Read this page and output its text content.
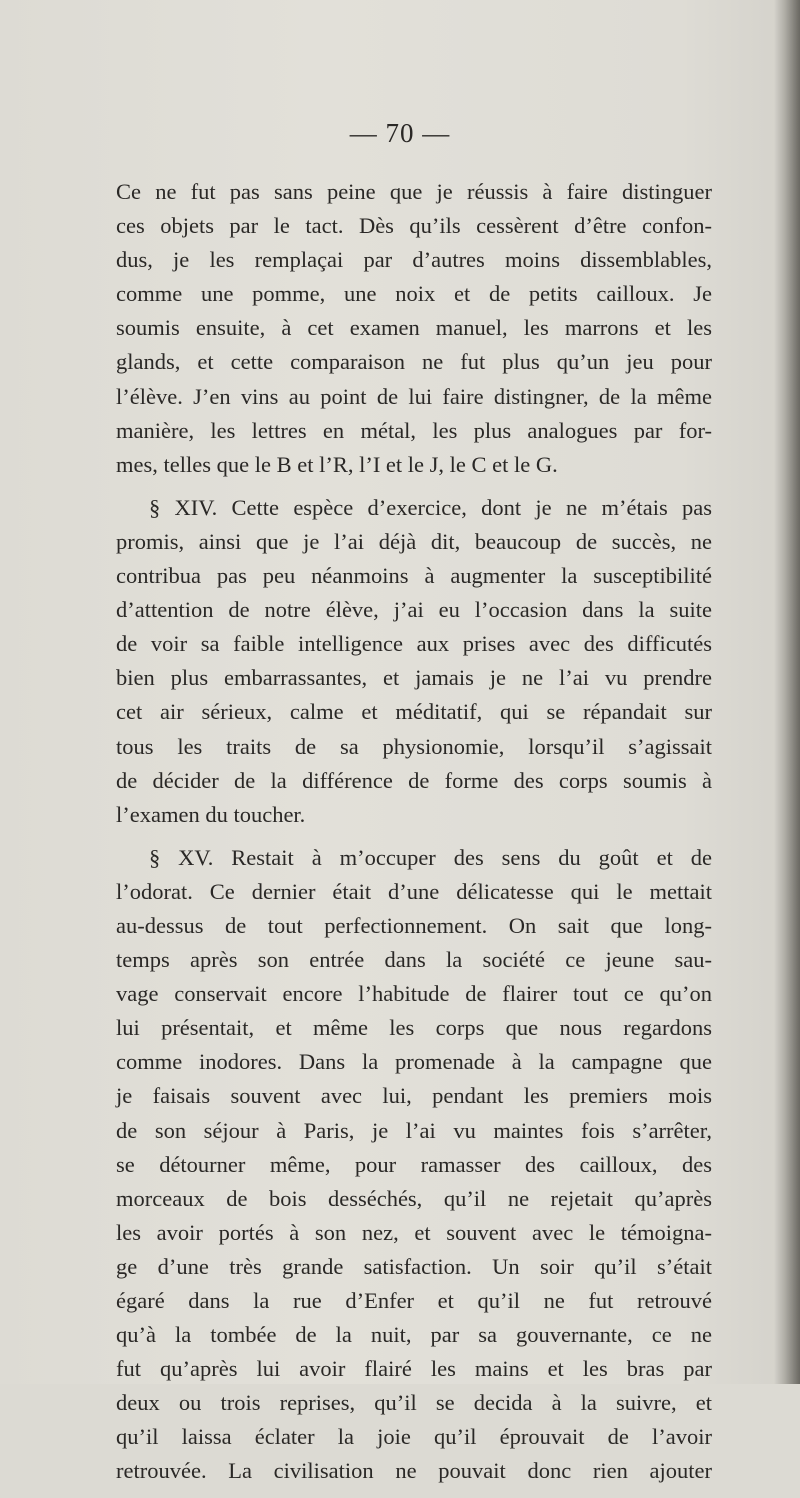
— 70 —
Ce ne fut pas sans peine que je réussis à faire distinguer
ces objets par le tact. Dès qu’ils cessèrent d’être confon-
dus, je les remplaçai par d’autres moins dissemblables,
comme une pomme, une noix et de petits cailloux. Je
soumis ensuite, à cet examen manuel, les marrons et les
glands, et cette comparaison ne fut plus qu’un jeu pour
l’élève. J’en vins au point de lui faire distingner, de la même
manière, les lettres en métal, les plus analogues par for-
mes, telles que le B et l’R, l’I et le J, le C et le G.
§ XIV. Cette espèce d’exercice, dont je ne m’étais pas
promis, ainsi que je l’ai déjà dit, beaucoup de succès, ne
contribua pas peu néanmoins à augmenter la susceptibilité
d’attention de notre élève, j’ai eu l’occasion dans la suite
de voir sa faible intelligence aux prises avec des difficutés
bien plus embarrassantes, et jamais je ne l’ai vu prendre
cet air sérieux, calme et méditatif, qui se répandait sur
tous les traits de sa physionomie, lorsqu’il s’agissait
de décider de la différence de forme des corps soumis à
l’examen du toucher.
§ XV. Restait à m’occuper des sens du goût et de
l’odorat. Ce dernier était d’une délicatesse qui le mettait
au-dessus de tout perfectionnement. On sait que long-
temps après son entrée dans la société ce jeune sau-
vage conservait encore l’habitude de flairer tout ce qu’on
lui présentait, et même les corps que nous regardons
comme inodores. Dans la promenade à la campagne que
je faisais souvent avec lui, pendant les premiers mois
de son séjour à Paris, je l’ai vu maintes fois s’arrêter,
se détourner même, pour ramasser des cailloux, des
morceaux de bois desséchés, qu’il ne rejetait qu’après
les avoir portés à son nez, et souvent avec le témoigna-
ge d’une très grande satisfaction. Un soir qu’il s’était
égaré dans la rue d’Enfer et qu’il ne fut retrouvé
qu’à la tombée de la nuit, par sa gouvernante, ce ne
fut qu’après lui avoir flairé les mains et les bras par
deux ou trois reprises, qu’il se decida à la suivre, et
qu’il laissa éclater la joie qu’il éprouvait de l’avoir
retrouvée. La civilisation ne pouvait donc rien ajouter
